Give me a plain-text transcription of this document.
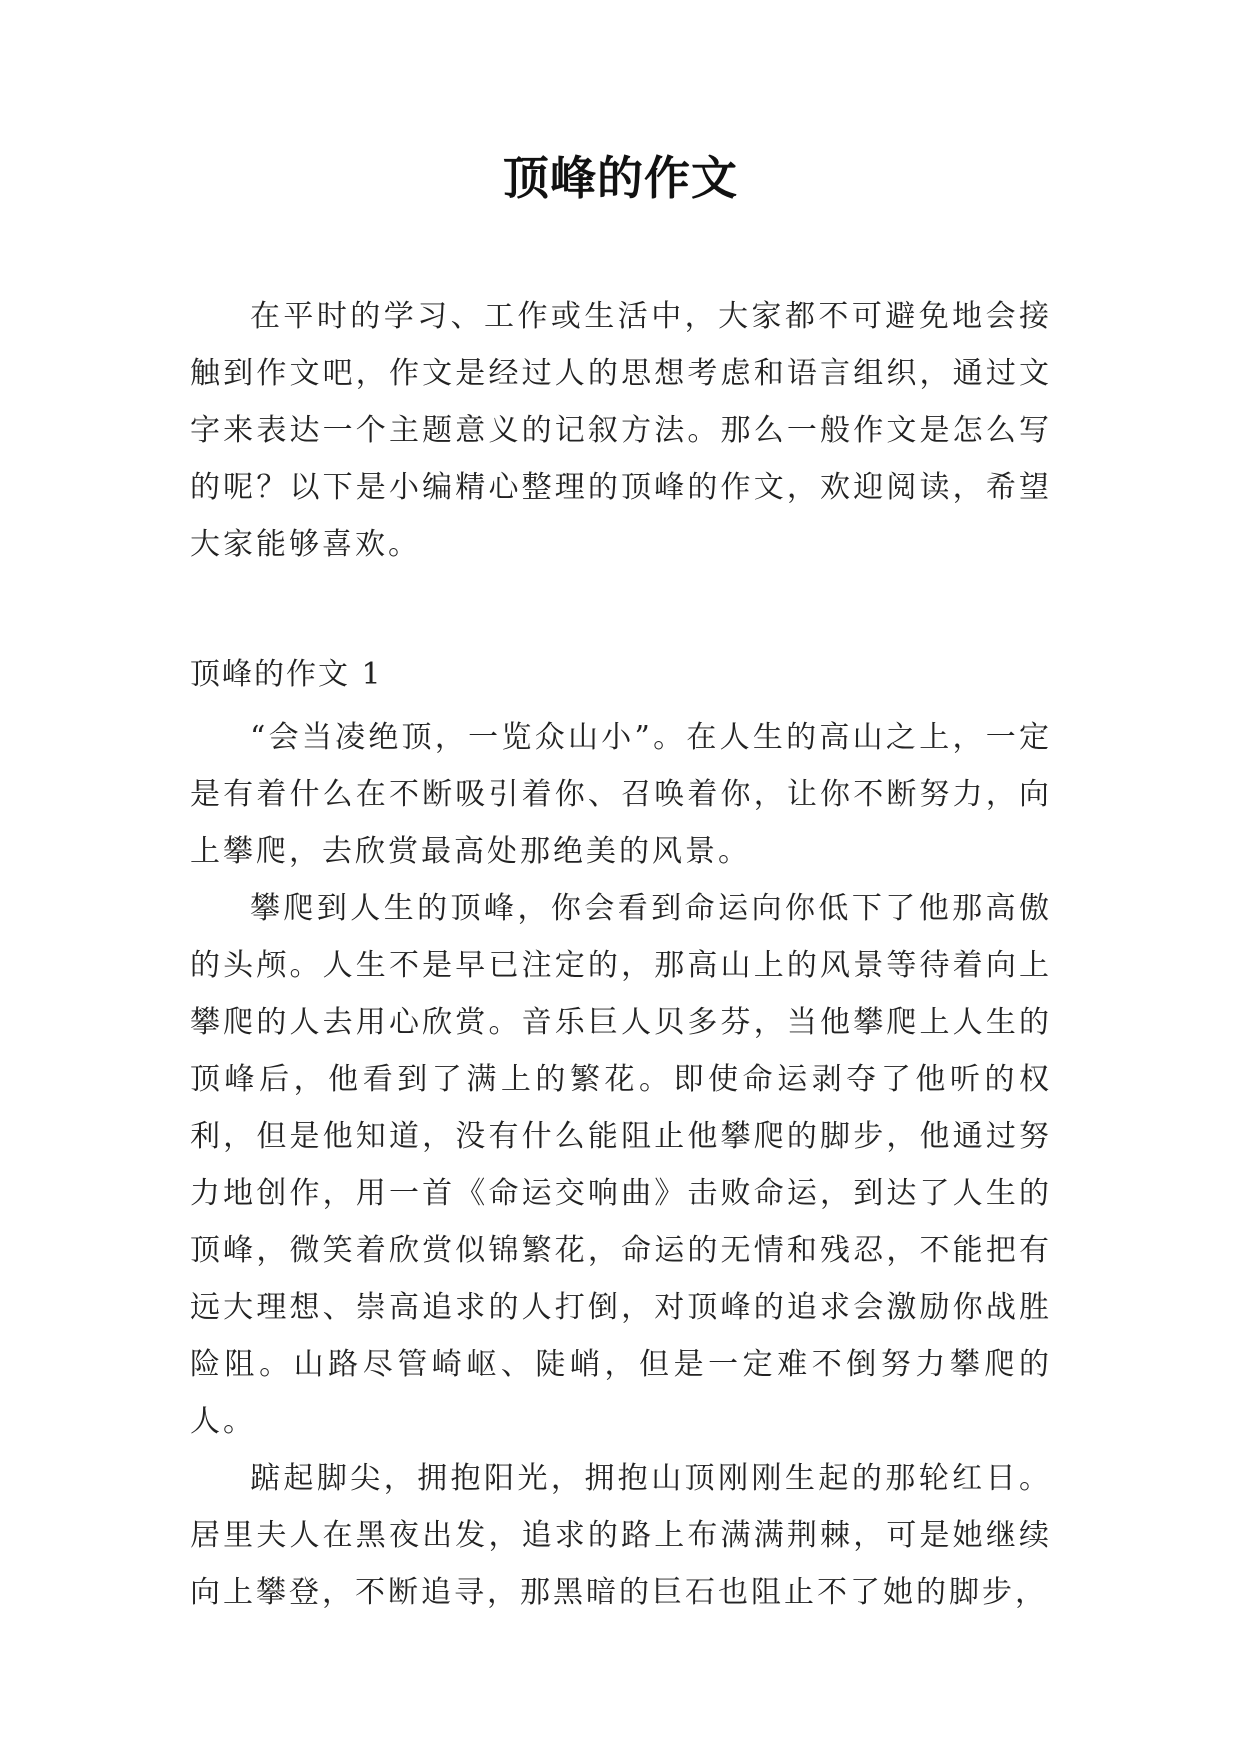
顶峰的作文

在平时的学习、工作或生活中，大家都不可避免地会接触到作文吧，作文是经过人的思想考虑和语言组织，通过文字来表达一个主题意义的记叙方法。那么一般作文是怎么写的呢？以下是小编精心整理的顶峰的作文，欢迎阅读，希望大家能够喜欢。

顶峰的作文 1

“会当凌绝顶，一览众山小”。在人生的高山之上，一定是有着什么在不断吸引着你、召唤着你，让你不断努力，向上攀爬，去欣赏最高处那绝美的风景。

攀爬到人生的顶峰，你会看到命运向你低下了他那高傲的头颅。人生不是早已注定的，那高山上的风景等待着向上攀爬的人去用心欣赏。音乐巨人贝多芬，当他攀爬上人生的顶峰后，他看到了满上的繁花。即使命运剥夺了他听的权利，但是他知道，没有什么能阻止他攀爬的脚步，他通过努力地创作，用一首《命运交响曲》击败命运，到达了人生的顶峰，微笑着欣赏似锦繁花，命运的无情和残忍，不能把有远大理想、崇高追求的人打倒，对顶峰的追求会激励你战胜险阻。山路尽管崎岖、陡峭，但是一定难不倒努力攀爬的人。

踮起脚尖，拥抱阳光，拥抱山顶刚刚生起的那轮红日。居里夫人在黑夜出发，追求的路上布满满荆棘，可是她继续向上攀登，不断追寻，那黑暗的巨石也阻止不了她的脚步，
